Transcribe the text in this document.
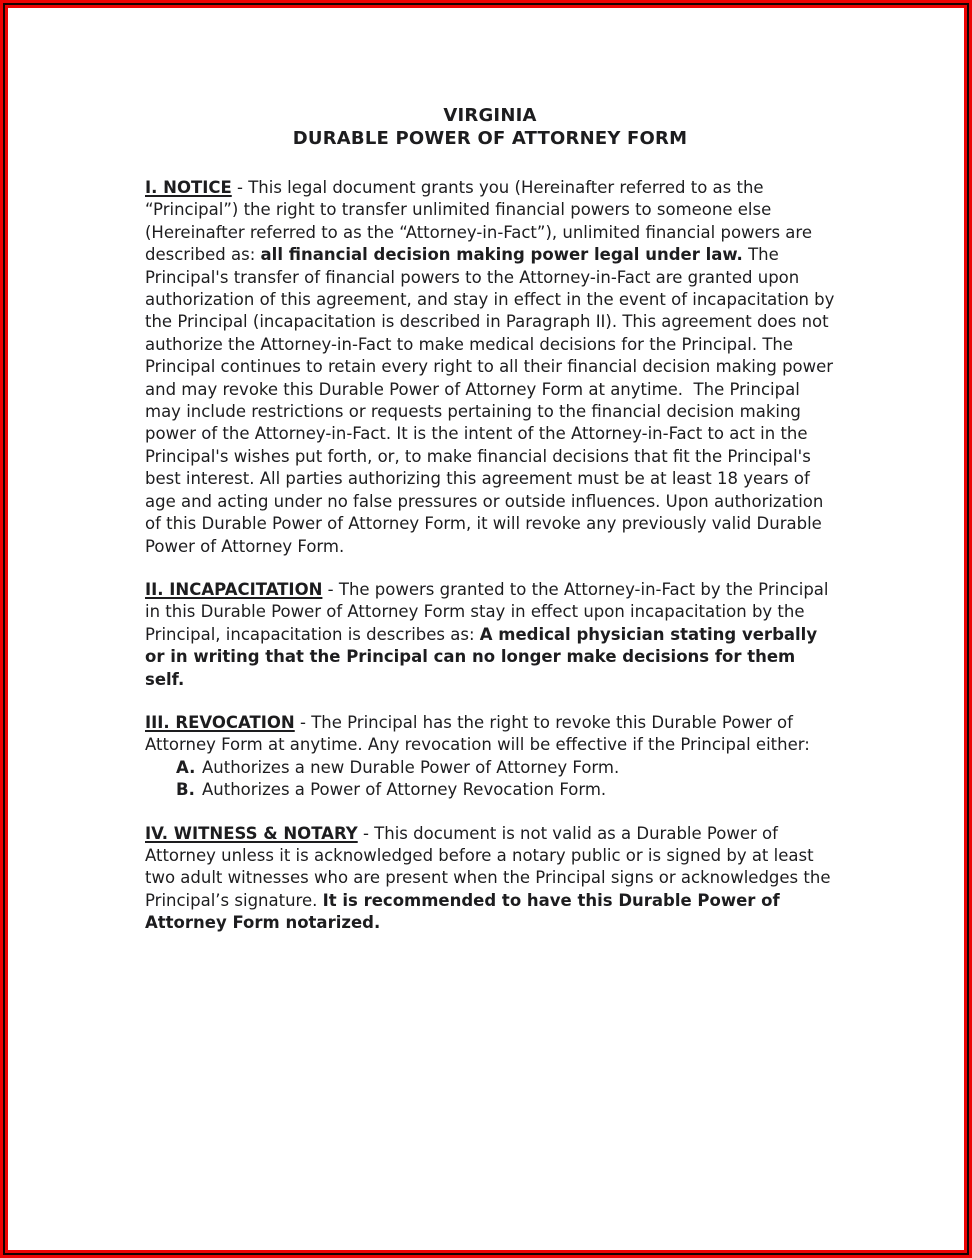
VIRGINIA
DURABLE POWER OF ATTORNEY FORM

I. NOTICE - This legal document grants you (Hereinafter referred to as the “Principal”) the right to transfer unlimited financial powers to someone else (Hereinafter referred to as the “Attorney-in-Fact”), unlimited financial powers are described as: all financial decision making power legal under law. The Principal's transfer of financial powers to the Attorney-in-Fact are granted upon authorization of this agreement, and stay in effect in the event of incapacitation by the Principal (incapacitation is described in Paragraph II). This agreement does not authorize the Attorney-in-Fact to make medical decisions for the Principal. The Principal continues to retain every right to all their financial decision making power and may revoke this Durable Power of Attorney Form at anytime.  The Principal may include restrictions or requests pertaining to the financial decision making power of the Attorney-in-Fact. It is the intent of the Attorney-in-Fact to act in the Principal's wishes put forth, or, to make financial decisions that fit the Principal's best interest. All parties authorizing this agreement must be at least 18 years of age and acting under no false pressures or outside influences. Upon authorization of this Durable Power of Attorney Form, it will revoke any previously valid Durable Power of Attorney Form.

II. INCAPACITATION - The powers granted to the Attorney-in-Fact by the Principal in this Durable Power of Attorney Form stay in effect upon incapacitation by the Principal, incapacitation is describes as: A medical physician stating verbally or in writing that the Principal can no longer make decisions for them self.

III. REVOCATION - The Principal has the right to revoke this Durable Power of Attorney Form at anytime. Any revocation will be effective if the Principal either:

A. Authorizes a new Durable Power of Attorney Form.
B. Authorizes a Power of Attorney Revocation Form.

IV. WITNESS & NOTARY - This document is not valid as a Durable Power of Attorney unless it is acknowledged before a notary public or is signed by at least two adult witnesses who are present when the Principal signs or acknowledges the Principal’s signature. It is recommended to have this Durable Power of Attorney Form notarized.
